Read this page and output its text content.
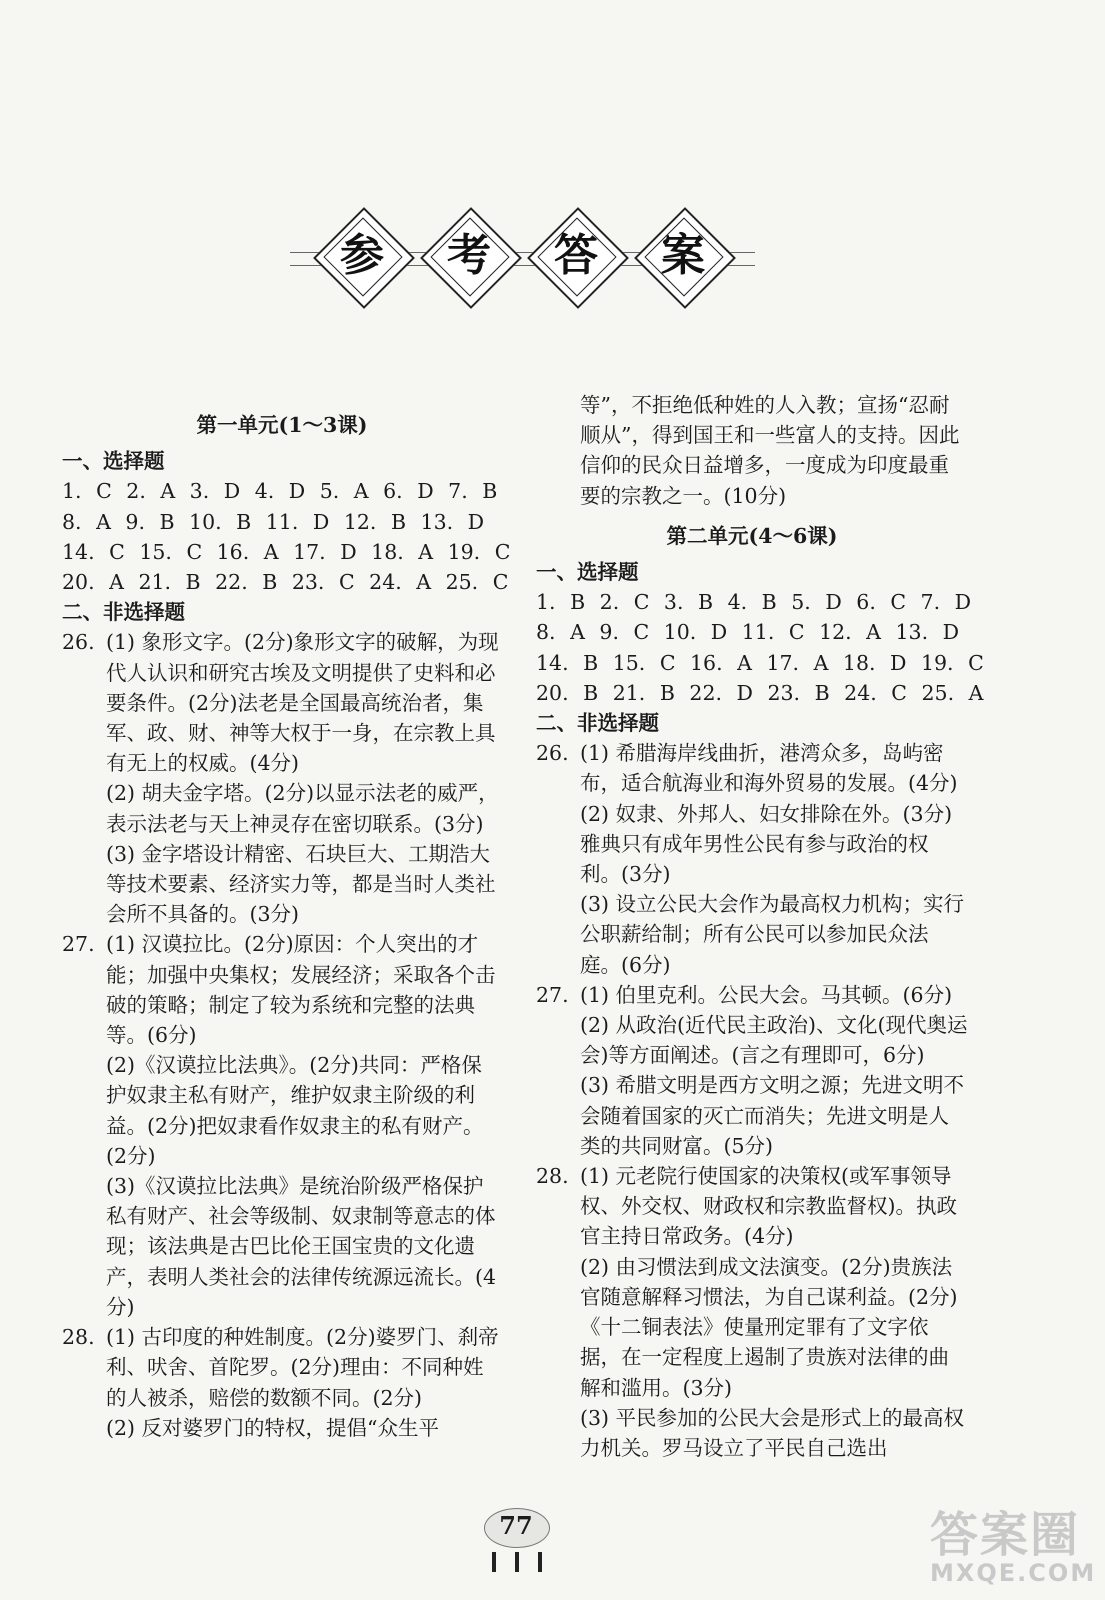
参	考	答	案
第一单元(1～3课)
一、选择题
1. C 2. A 3. D 4. D 5. A 6. D 7. B
8. A 9. B 10. B 11. D 12. B 13. D
14. C 15. C 16. A 17. D 18. A 19. C
20. A 21. B 22. B 23. C 24. A 25. C
二、非选择题
26. (1) 象形文字。(2分)象形文字的破解，为现代人认识和研究古埃及文明提供了史料和必要条件。(2分)法老是全国最高统治者，集军、政、财、神等大权于一身，在宗教上具有无上的权威。(4分)

(2) 胡夫金字塔。(2分)以显示法老的威严，表示法老与天上神灵存在密切联系。(3分)

(3) 金字塔设计精密、石块巨大、工期浩大等技术要素、经济实力等，都是当时人类社会所不具备的。(3分)

27. (1) 汉谟拉比。(2分)原因：个人突出的才能；加强中央集权；发展经济；采取各个击破的策略；制定了较为系统和完整的法典等。(6分)

(2)《汉谟拉比法典》。(2分)共同：严格保护奴隶主私有财产，维护奴隶主阶级的利益。(2分)把奴隶看作奴隶主的私有财产。(2分)

(3)《汉谟拉比法典》是统治阶级严格保护私有财产、社会等级制、奴隶制等意志的体现；该法典是古巴比伦王国宝贵的文化遗产，表明人类社会的法律传统源远流长。(4分)

28. (1) 古印度的种姓制度。(2分)婆罗门、刹帝利、吠舍、首陀罗。(2分)理由：不同种姓的人被杀，赔偿的数额不同。(2分)

(2) 反对婆罗门的特权，提倡“众生平

等”，不拒绝低种姓的人入教；宣扬“忍耐顺从”，得到国王和一些富人的支持。因此信仰的民众日益增多，一度成为印度最重要的宗教之一。(10分)

第二单元(4～6课)
一、选择题
1. B 2. C 3. B 4. B 5. D 6. C 7. D
8. A 9. C 10. D 11. C 12. A 13. D
14. B 15. C 16. A 17. A 18. D 19. C
20. B 21. B 22. D 23. B 24. C 25. A
二、非选择题
26. (1) 希腊海岸线曲折，港湾众多，岛屿密布，适合航海业和海外贸易的发展。(4分)

(2) 奴隶、外邦人、妇女排除在外。(3分)雅典只有成年男性公民有参与政治的权利。(3分)

(3) 设立公民大会作为最高权力机构；实行公职薪给制；所有公民可以参加民众法庭。(6分)

27. (1) 伯里克利。公民大会。马其顿。(6分)

(2) 从政治(近代民主政治)、文化(现代奥运会)等方面阐述。(言之有理即可，6分)

(3) 希腊文明是西方文明之源；先进文明不会随着国家的灭亡而消失；先进文明是人类的共同财富。(5分)

28. (1) 元老院行使国家的决策权(或军事领导权、外交权、财政权和宗教监督权)。执政官主持日常政务。(4分)

(2) 由习惯法到成文法演变。(2分)贵族法官随意解释习惯法，为自己谋利益。(2分)《十二铜表法》使量刑定罪有了文字依据，在一定程度上遏制了贵族对法律的曲解和滥用。(3分)

(3) 平民参加的公民大会是形式上的最高权力机关。罗马设立了平民自己选出

77	答案圈
MXQE.COM
